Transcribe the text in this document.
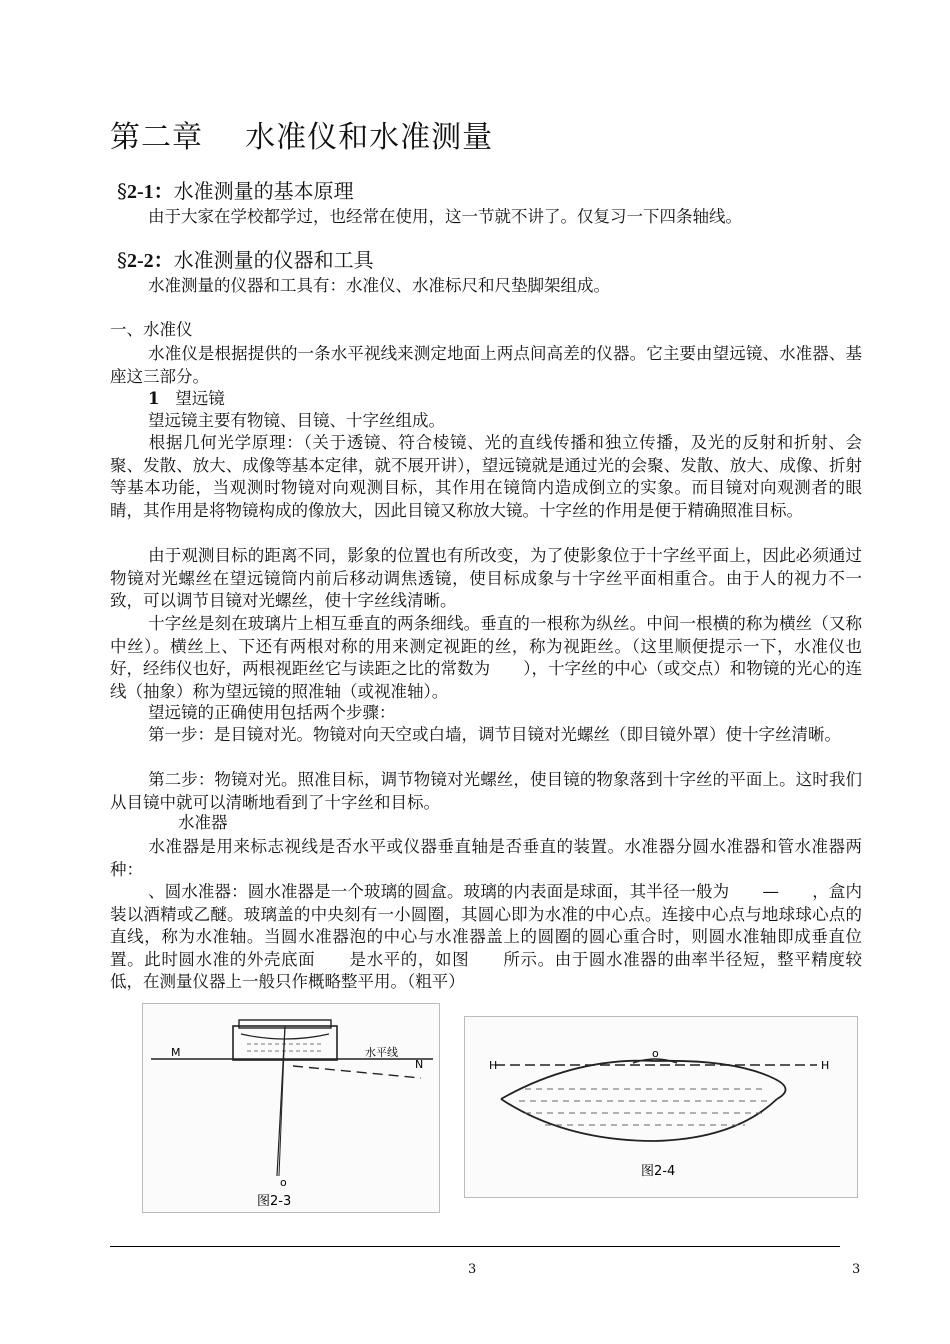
第二章    水准仪和水准测量
§2-1：水准测量的基本原理
由于大家在学校都学过，也经常在使用，这一节就不讲了。仅复习一下四条轴线。
§2-2：水准测量的仪器和工具
水准测量的仪器和工具有：水准仪、水准标尺和尺垫脚架组成。
一、水准仪
水准仪是根据提供的一条水平视线来测定地面上两点间高差的仪器。它主要由望远镜、水准器、基座这三部分。
1 望远镜
望远镜主要有物镜、目镜、十字丝组成。
根据几何光学原理：（关于透镜、符合棱镜、光的直线传播和独立传播，及光的反射和折射、会聚、发散、放大、成像等基本定律，就不展开讲），望远镜就是通过光的会聚、发散、放大、成像、折射等基本功能，当观测时物镜对向观测目标，其作用在镜筒内造成倒立的实象。而目镜对向观测者的眼睛，其作用是将物镜构成的像放大，因此目镜又称放大镜。十字丝的作用是便于精确照准目标。
由于观测目标的距离不同，影象的位置也有所改变，为了使影象位于十字丝平面上，因此必须通过物镜对光螺丝在望远镜筒内前后移动调焦透镜，使目标成象与十字丝平面相重合。由于人的视力不一致，可以调节目镜对光螺丝，使十字丝线清晰。
十字丝是刻在玻璃片上相互垂直的两条细线。垂直的一根称为纵丝。中间一根横的称为横丝（又称中丝）。横丝上、下还有两根对称的用来测定视距的丝，称为视距丝。（这里顺便提示一下，水准仪也好，经纬仪也好，两根视距丝它与读距之比的常数为　　），十字丝的中心（或交点）和物镜的光心的连线（抽象）称为望远镜的照准轴（或视准轴）。
望远镜的正确使用包括两个步骤：
第一步：是目镜对光。物镜对向天空或白墙，调节目镜对光螺丝（即目镜外罩）使十字丝清晰。
第二步：物镜对光。照准目标，调节物镜对光螺丝，使目镜的物象落到十字丝的平面上。这时我们从目镜中就可以清晰地看到了十字丝和目标。
水准器
水准器是用来标志视线是否水平或仪器垂直轴是否垂直的装置。水准器分圆水准器和管水准器两种：
、圆水准器：圆水准器是一个玻璃的圆盒。玻璃的内表面是球面，其半径一般为　　—　　，盒内装以酒精或乙醚。玻璃盖的中央刻有一小圆圈，其圆心即为水准的中心点。连接中心点与地球球心点的直线，称为水准轴。当圆水准器泡的中心与水准器盖上的圆圈的圆心重合时，则圆水准轴即成垂直位置。此时圆水准的外壳底面　　是水平的，如图　　所示。由于圆水准器的曲率半径短，整平精度较低，在测量仪器上一般只作概略整平用。（粗平）
M
N
水平线
o
图2-3
H	H
o
图2-4
3	3
